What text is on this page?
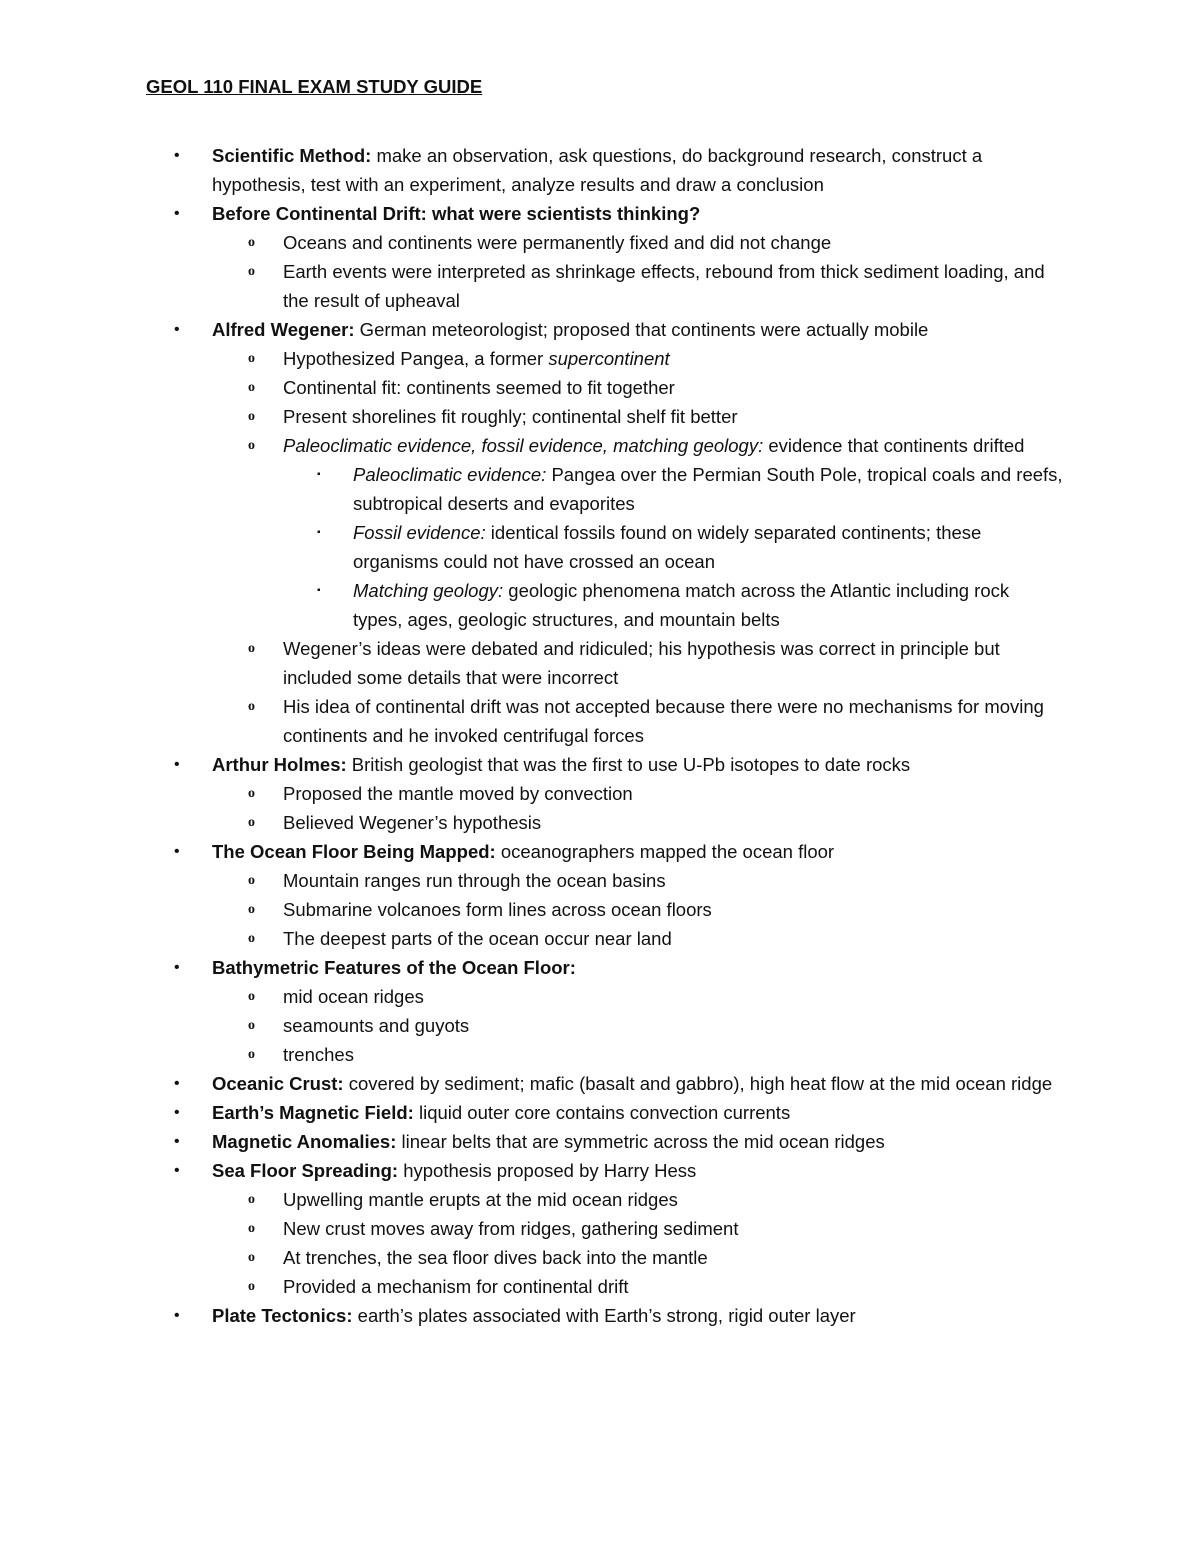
GEOL 110 FINAL EXAM STUDY GUIDE
• Scientific Method: make an observation, ask questions, do background research, construct a hypothesis, test with an experiment, analyze results and draw a conclusion
• Before Continental Drift: what were scientists thinking?
o Oceans and continents were permanently fixed and did not change
o Earth events were interpreted as shrinkage effects, rebound from thick sediment loading, and the result of upheaval
• Alfred Wegener: German meteorologist; proposed that continents were actually mobile
o Hypothesized Pangea, a former supercontinent
o Continental fit: continents seemed to fit together
o Present shorelines fit roughly; continental shelf fit better
o Paleoclimatic evidence, fossil evidence, matching geology: evidence that continents drifted
▪ Paleoclimatic evidence: Pangea over the Permian South Pole, tropical coals and reefs, subtropical deserts and evaporites
▪ Fossil evidence: identical fossils found on widely separated continents; these organisms could not have crossed an ocean
▪ Matching geology: geologic phenomena match across the Atlantic including rock types, ages, geologic structures, and mountain belts
o Wegener’s ideas were debated and ridiculed; his hypothesis was correct in principle but included some details that were incorrect
o His idea of continental drift was not accepted because there were no mechanisms for moving continents and he invoked centrifugal forces
• Arthur Holmes: British geologist that was the first to use U-Pb isotopes to date rocks
o Proposed the mantle moved by convection
o Believed Wegener’s hypothesis
• The Ocean Floor Being Mapped: oceanographers mapped the ocean floor
o Mountain ranges run through the ocean basins
o Submarine volcanoes form lines across ocean floors
o The deepest parts of the ocean occur near land
• Bathymetric Features of the Ocean Floor:
o mid ocean ridges
o seamounts and guyots
o trenches
• Oceanic Crust: covered by sediment; mafic (basalt and gabbro), high heat flow at the mid ocean ridge
• Earth’s Magnetic Field: liquid outer core contains convection currents
• Magnetic Anomalies: linear belts that are symmetric across the mid ocean ridges
• Sea Floor Spreading: hypothesis proposed by Harry Hess
o Upwelling mantle erupts at the mid ocean ridges
o New crust moves away from ridges, gathering sediment
o At trenches, the sea floor dives back into the mantle
o Provided a mechanism for continental drift
• Plate Tectonics: earth’s plates associated with Earth’s strong, rigid outer layer
